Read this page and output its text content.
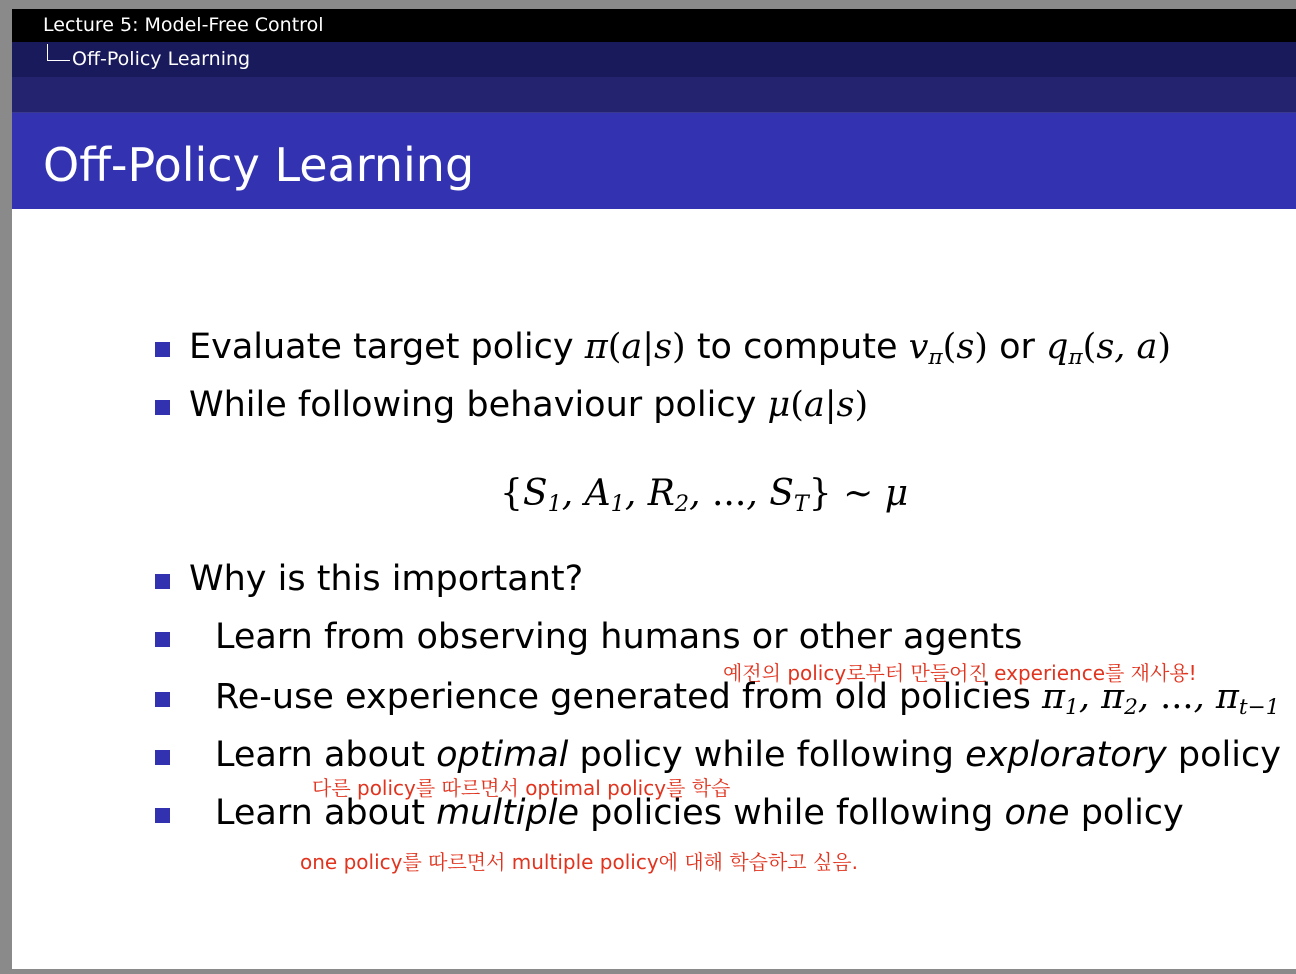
Lecture 5: Model-Free Control
Off-Policy Learning
Off-Policy Learning
Evaluate target policy π(a|s) to compute $v_\pi(s)$ or $q_\pi(s$, a)
While following behaviour policy μ(a|s)
{$S_1$, $A_1$, $R_2$, ..., $S_T$} ∼ μ
Why is this important?
Learn from observing humans or other agents
예전의 policy로부터 만들어진 experience를 재사용!
Re-use experience generated from old policies $\pi_1$, $\pi_2$, ..., $\pi_{t-1}$
Learn about optimal policy while following exploratory policy
다른 policy를 따르면서 optimal policy를 학습
Learn about multiple policies while following one policy
one policy를 따르면서 multiple policy에 대해 학습하고 싶음.
